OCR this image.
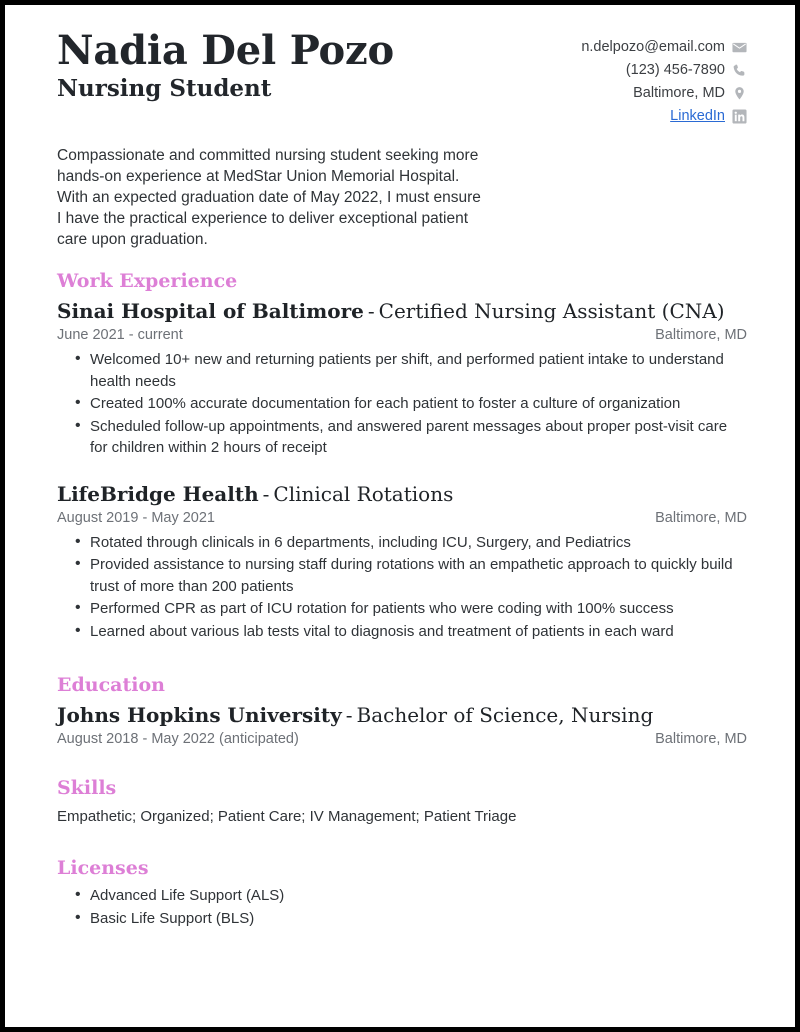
Nadia Del Pozo
Nursing Student
n.delpozo@email.com
(123) 456-7890
Baltimore, MD
LinkedIn

Compassionate and committed nursing student seeking more hands-on experience at MedStar Union Memorial Hospital. With an expected graduation date of May 2022, I must ensure I have the practical experience to deliver exceptional patient care upon graduation.

Work Experience
Sinai Hospital of Baltimore - Certified Nursing Assistant (CNA)
June 2021 - current	Baltimore, MD
• Welcomed 10+ new and returning patients per shift, and performed patient intake to understand health needs
• Created 100% accurate documentation for each patient to foster a culture of organization
• Scheduled follow-up appointments, and answered parent messages about proper post-visit care for children within 2 hours of receipt
LifeBridge Health - Clinical Rotations
August 2019 - May 2021	Baltimore, MD
• Rotated through clinicals in 6 departments, including ICU, Surgery, and Pediatrics
• Provided assistance to nursing staff during rotations with an empathetic approach to quickly build trust of more than 200 patients
• Performed CPR as part of ICU rotation for patients who were coding with 100% success
• Learned about various lab tests vital to diagnosis and treatment of patients in each ward
Education
Johns Hopkins University - Bachelor of Science, Nursing
August 2018 - May 2022 (anticipated)	Baltimore, MD
Skills

Empathetic; Organized; Patient Care; IV Management; Patient Triage

Licenses
• Advanced Life Support (ALS)
• Basic Life Support (BLS)
